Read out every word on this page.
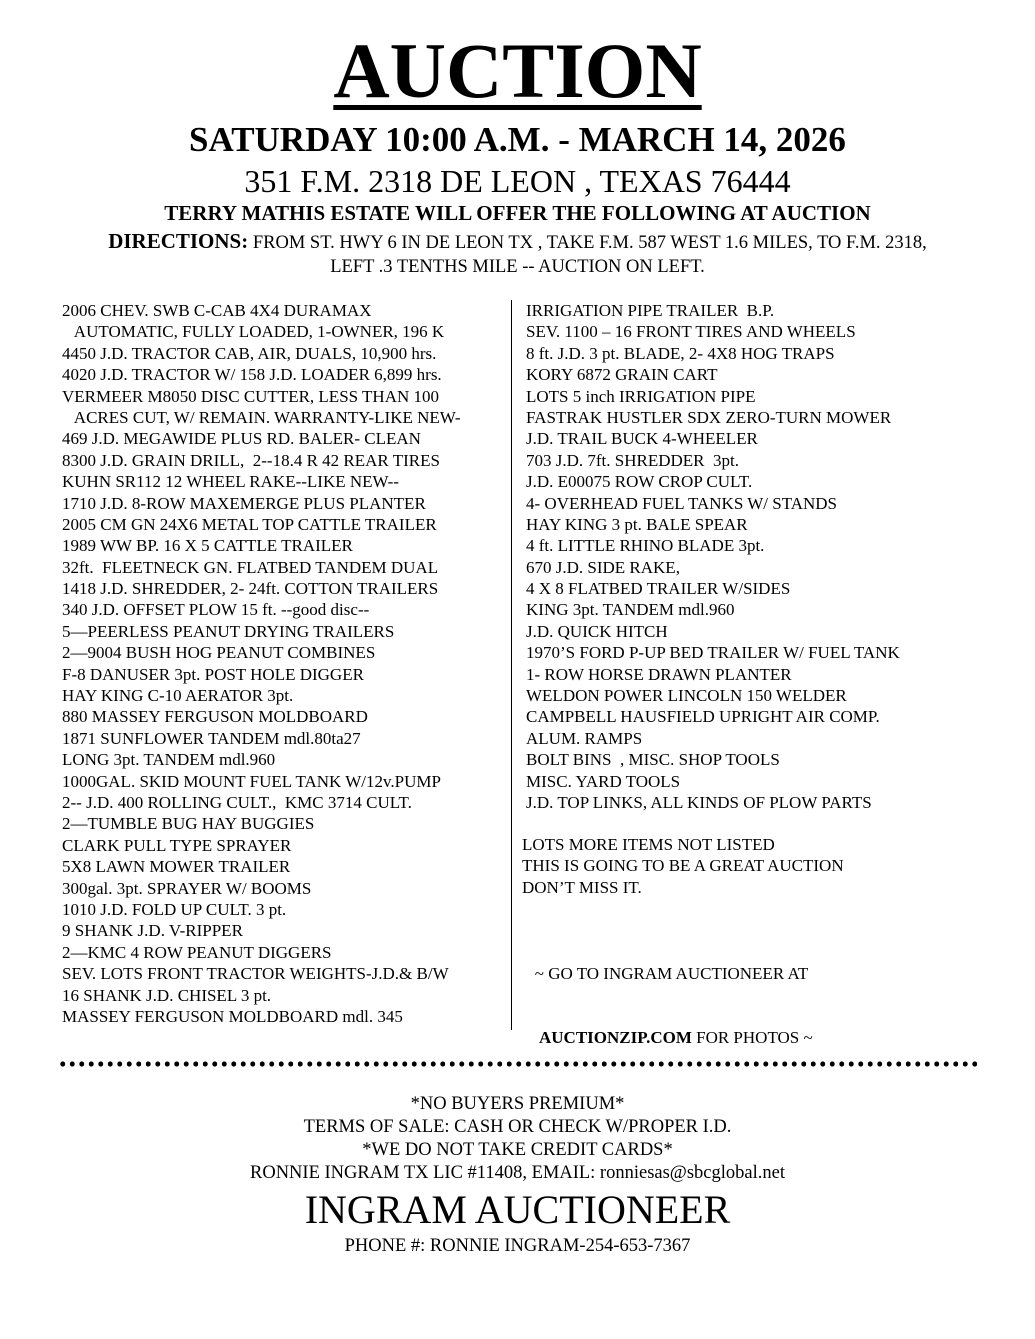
AUCTION
SATURDAY 10:00 A.M. - MARCH 14, 2026
351 F.M. 2318 DE LEON , TEXAS 76444
TERRY MATHIS ESTATE WILL OFFER THE FOLLOWING AT AUCTION
DIRECTIONS: FROM ST. HWY 6 IN DE LEON TX , TAKE F.M. 587 WEST 1.6 MILES, TO F.M. 2318,
LEFT .3 TENTHS MILE -- AUCTION ON LEFT.
2006 CHEV. SWB C-CAB 4X4 DURAMAX
AUTOMATIC, FULLY LOADED, 1-OWNER, 196 K
4450 J.D. TRACTOR CAB, AIR, DUALS, 10,900 hrs.
4020 J.D. TRACTOR W/ 158 J.D. LOADER 6,899 hrs.
VERMEER M8050 DISC CUTTER, LESS THAN 100
ACRES CUT, W/ REMAIN. WARRANTY-LIKE NEW-
469 J.D. MEGAWIDE PLUS RD. BALER- CLEAN
8300 J.D. GRAIN DRILL,  2--18.4 R 42 REAR TIRES
KUHN SR112 12 WHEEL RAKE--LIKE NEW--
1710 J.D. 8-ROW MAXEMERGE PLUS PLANTER
2005 CM GN 24X6 METAL TOP CATTLE TRAILER
1989 WW BP. 16 X 5 CATTLE TRAILER
32ft.  FLEETNECK GN. FLATBED TANDEM DUAL
1418 J.D. SHREDDER, 2- 24ft. COTTON TRAILERS
340 J.D. OFFSET PLOW 15 ft. --good disc--
5—PEERLESS PEANUT DRYING TRAILERS
2—9004 BUSH HOG PEANUT COMBINES
F-8 DANUSER 3pt. POST HOLE DIGGER
HAY KING C-10 AERATOR 3pt.
880 MASSEY FERGUSON MOLDBOARD
1871 SUNFLOWER TANDEM mdl.80ta27
LONG 3pt. TANDEM mdl.960
1000GAL. SKID MOUNT FUEL TANK W/12v.PUMP
2-- J.D. 400 ROLLING CULT.,  KMC 3714 CULT.
2—TUMBLE BUG HAY BUGGIES
CLARK PULL TYPE SPRAYER
5X8 LAWN MOWER TRAILER
300gal. 3pt. SPRAYER W/ BOOMS
1010 J.D. FOLD UP CULT. 3 pt.
9 SHANK J.D. V-RIPPER
2—KMC 4 ROW PEANUT DIGGERS
SEV. LOTS FRONT TRACTOR WEIGHTS-J.D.& B/W
16 SHANK J.D. CHISEL 3 pt.
MASSEY FERGUSON MOLDBOARD mdl. 345
IRRIGATION PIPE TRAILER  B.P.
SEV. 1100 – 16 FRONT TIRES AND WHEELS
8 ft. J.D. 3 pt. BLADE, 2- 4X8 HOG TRAPS
KORY 6872 GRAIN CART
LOTS 5 inch IRRIGATION PIPE
FASTRAK HUSTLER SDX ZERO-TURN MOWER
J.D. TRAIL BUCK 4-WHEELER
703 J.D. 7ft. SHREDDER  3pt.
J.D. E00075 ROW CROP CULT.
4- OVERHEAD FUEL TANKS W/ STANDS
HAY KING 3 pt. BALE SPEAR
4 ft. LITTLE RHINO BLADE 3pt.
670 J.D. SIDE RAKE,
4 X 8 FLATBED TRAILER W/SIDES
KING 3pt. TANDEM mdl.960
J.D. QUICK HITCH
1970’S FORD P-UP BED TRAILER W/ FUEL TANK
1- ROW HORSE DRAWN PLANTER
WELDON POWER LINCOLN 150 WELDER
CAMPBELL HAUSFIELD UPRIGHT AIR COMP.
ALUM. RAMPS
BOLT BINS  , MISC. SHOP TOOLS
MISC. YARD TOOLS
J.D. TOP LINKS, ALL KINDS OF PLOW PARTS
LOTS MORE ITEMS NOT LISTED
THIS IS GOING TO BE A GREAT AUCTION
DON’T MISS IT.

~ GO TO INGRAM AUCTIONEER AT

AUCTIONZIP.COM FOR PHOTOS ~

*NO BUYERS PREMIUM*
TERMS OF SALE: CASH OR CHECK W/PROPER I.D.
*WE DO NOT TAKE CREDIT CARDS*
RONNIE INGRAM TX LIC #11408, EMAIL: ronniesas@sbcglobal.net
INGRAM AUCTIONEER
PHONE #: RONNIE INGRAM-254-653-7367
